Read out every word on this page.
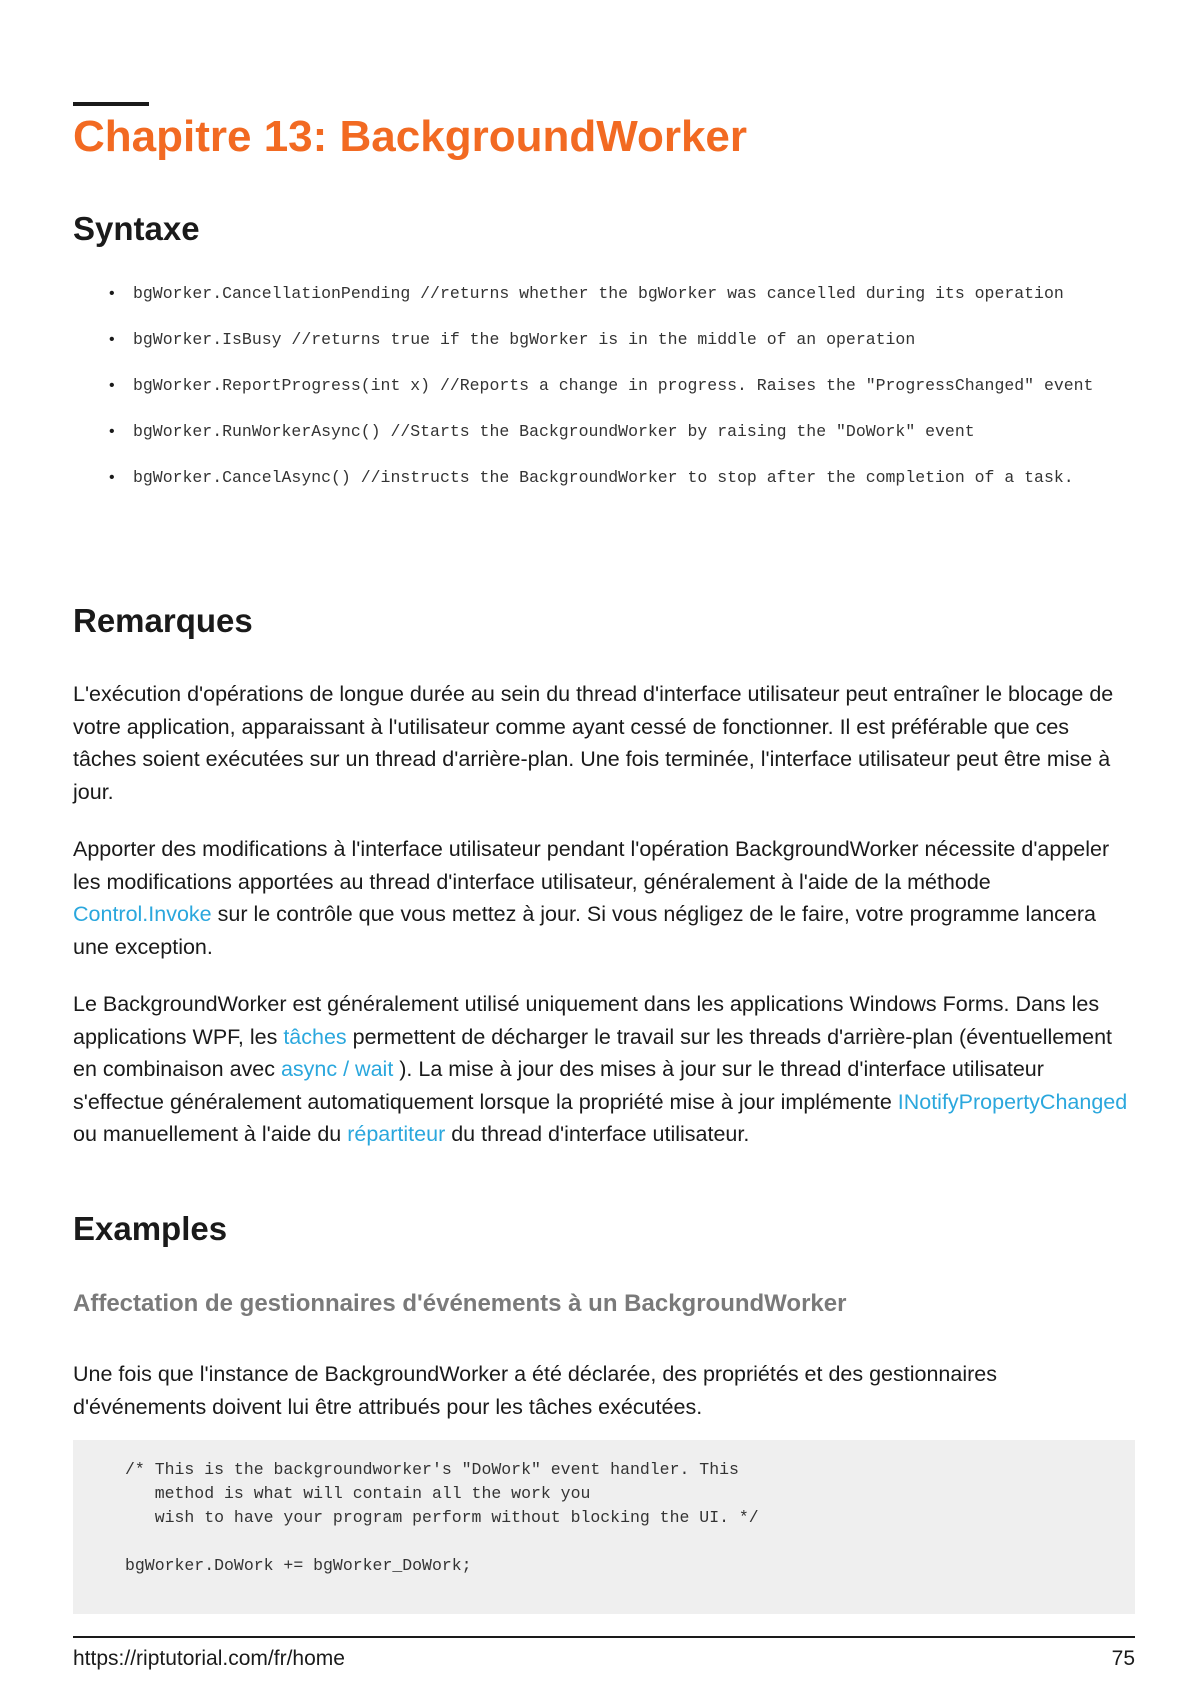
Chapitre 13: BackgroundWorker
Syntaxe
• bgWorker.CancellationPending //returns whether the bgWorker was cancelled during its operation
• bgWorker.IsBusy //returns true if the bgWorker is in the middle of an operation
• bgWorker.ReportProgress(int x) //Reports a change in progress. Raises the "ProgressChanged" event
• bgWorker.RunWorkerAsync() //Starts the BackgroundWorker by raising the "DoWork" event
• bgWorker.CancelAsync() //instructs the BackgroundWorker to stop after the completion of a task.
Remarques

L'exécution d'opérations de longue durée au sein du thread d'interface utilisateur peut entraîner le blocage de votre application, apparaissant à l'utilisateur comme ayant cessé de fonctionner. Il est préférable que ces tâches soient exécutées sur un thread d'arrière-plan. Une fois terminée, l'interface utilisateur peut être mise à jour.

Apporter des modifications à l'interface utilisateur pendant l'opération BackgroundWorker nécessite d'appeler les modifications apportées au thread d'interface utilisateur, généralement à l'aide de la méthode Control.Invoke sur le contrôle que vous mettez à jour. Si vous négligez de le faire, votre programme lancera une exception.

Le BackgroundWorker est généralement utilisé uniquement dans les applications Windows Forms. Dans les applications WPF, les tâches permettent de décharger le travail sur les threads d'arrière-plan (éventuellement en combinaison avec async / wait ). La mise à jour des mises à jour sur le thread d'interface utilisateur s'effectue généralement automatiquement lorsque la propriété mise à jour implémente INotifyPropertyChanged ou manuellement à l'aide du répartiteur du thread d'interface utilisateur.

Examples
Affectation de gestionnaires d'événements à un BackgroundWorker

Une fois que l'instance de BackgroundWorker a été déclarée, des propriétés et des gestionnaires d'événements doivent lui être attribués pour les tâches exécutées.

/* This is the backgroundworker's "DoWork" event handler. This
method is what will contain all the work you
wish to have your program perform without blocking the UI. */

bgWorker.DoWork += bgWorker_DoWork;
https://riptutorial.com/fr/home	75
